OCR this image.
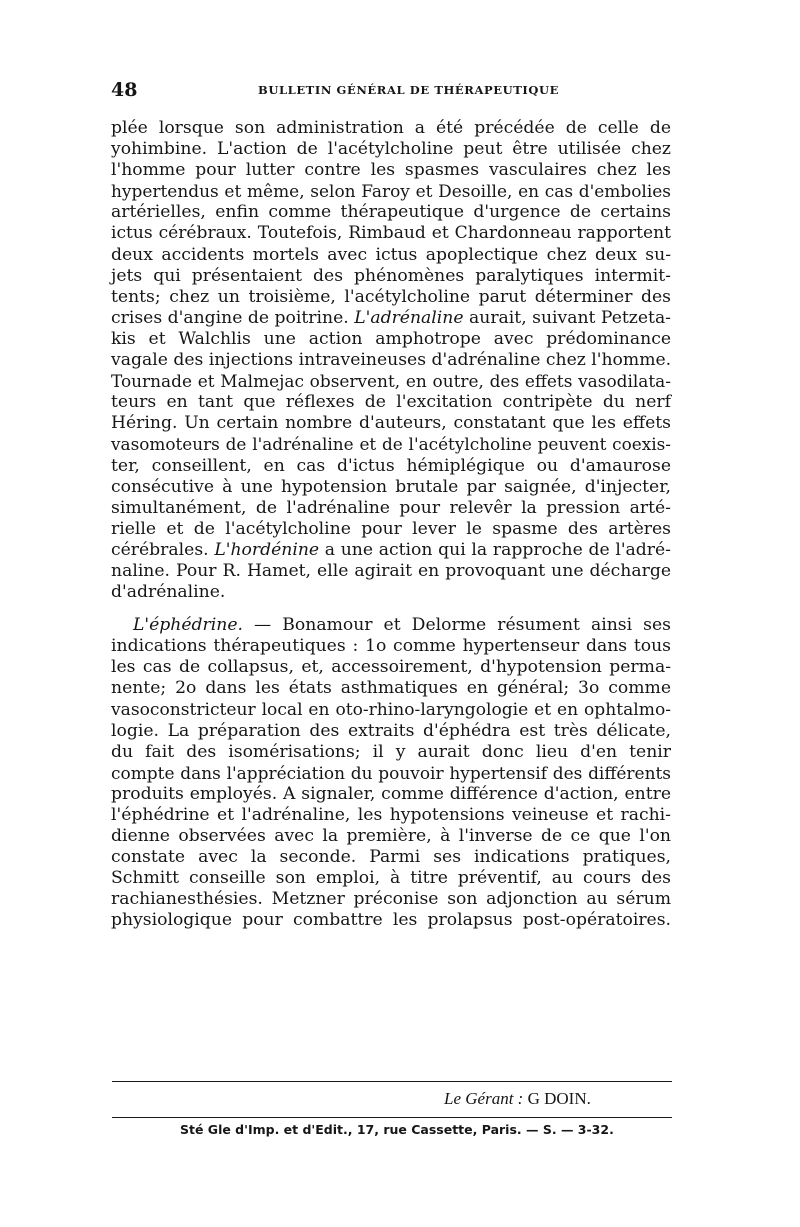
48	BULLETIN GÉNÉRAL DE THÉRAPEUTIQUE

plée lorsque son administration a été précédée de celle de
yohimbine. L'action de l'acétylcholine peut être utilisée chez
l'homme pour lutter contre les spasmes vasculaires chez les
hypertendus et même, selon Faroy et Desoille, en cas d'embolies
artérielles, enfin comme thérapeutique d'urgence de certains
ictus cérébraux. Toutefois, Rimbaud et Chardonneau rapportent
deux accidents mortels avec ictus apoplectique chez deux su-
jets qui présentaient des phénomènes paralytiques intermit-
tents; chez un troisième, l'acétylcholine parut déterminer des
crises d'angine de poitrine. L'adrénaline aurait, suivant Petzeta-
kis et Walchlis une action amphotrope avec prédominance
vagale des injections intraveineuses d'adrénaline chez l'homme.
Tournade et Malmejac observent, en outre, des effets vasodilata-
teurs en tant que réflexes de l'excitation contripète du nerf
Héring. Un certain nombre d'auteurs, constatant que les effets
vasomoteurs de l'adrénaline et de l'acétylcholine peuvent coexis-
ter, conseillent, en cas d'ictus hémiplégique ou d'amaurose
consécutive à une hypotension brutale par saignée, d'injecter,
simultanément, de l'adrénaline pour relevêr la pression arté-
rielle et de l'acétylcholine pour lever le spasme des artères
cérébrales. L'hordénine a une action qui la rapproche de l'adré-
naline. Pour R. Hamet, elle agirait en provoquant une décharge
d'adrénaline.

L'éphédrine. — Bonamour et Delorme résument ainsi ses
indications thérapeutiques : 1o comme hypertenseur dans tous
les cas de collapsus, et, accessoirement, d'hypotension perma-
nente; 2o dans les états asthmatiques en général; 3o comme
vasoconstricteur local en oto-rhino-laryngologie et en ophtalmo-
logie. La préparation des extraits d'éphédra est très délicate,
du fait des isomérisations; il y aurait donc lieu d'en tenir
compte dans l'appréciation du pouvoir hypertensif des différents
produits employés. A signaler, comme différence d'action, entre
l'éphédrine et l'adrénaline, les hypotensions veineuse et rachi-
dienne observées avec la première, à l'inverse de ce que l'on
constate avec la seconde. Parmi ses indications pratiques,
Schmitt conseille son emploi, à titre préventif, au cours des
rachianesthésies. Metzner préconise son adjonction au sérum
physiologique pour combattre les prolapsus post-opératoires.

Le Gérant : G DOIN.

Sté Gle d'Imp. et d'Edit., 17, rue Cassette, Paris. — S. — 3-32.
